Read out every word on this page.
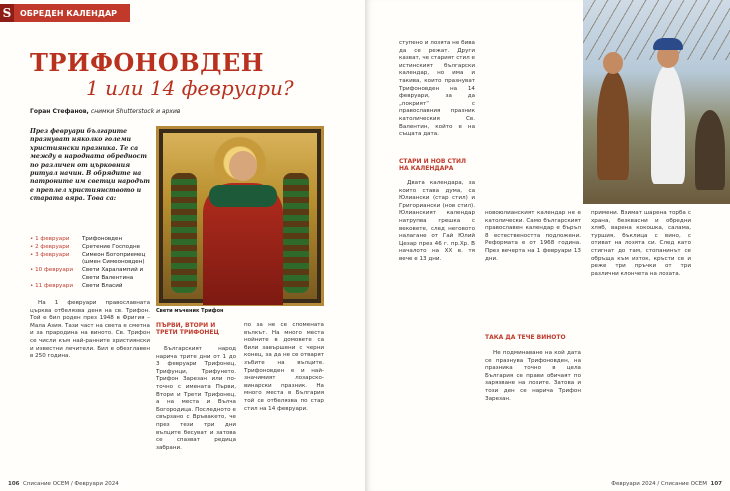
S	ОБРЕДЕН КАЛЕНДАР
ТРИФОНОВДЕН
1 или 14 февруари?
Горан Стефанов, снимки Shutterstock и архив
През февруари българите празнуват няколко големи християнски празника. Те са мeжду в народната обредност по различен от църковния ритуал начин. В обрядите на патроните им светци народът е преплел християнството и старата вяра. Това са:
• 1 февруари	Трифоновден
• 2 февруари	Сретение Господне
• 3 февруари	Симеон Богоприемец (шмен Симеоновден)
• 10 февруари	Свети Харалампий и Свети Валентина
• 11 февруари	Свети Власий
На 1 февруари православната църква отбелязва деня на св. Трифон. Той е бил роден през 1948 в Фригия – Мала Азия. Тази част на света е сметна и за прародина на виното. Св. Трифон се числи към най-ранните християнски и известни лечители. Бил е обезглавен в 250 година.
Свети мъченик Трифон
ПЪРВИ, ВТОРИ И ТРЕТИ ТРИФОНЕЦ
Българският народ нарича трите дни от 1 до 3 февруари Трифонец, Трифунци, Трифунето. Трифон Зарезан или по-точно с имената Първи, Втори и Трети Трифонец, а на места и Вълча Богородица. Последното е свързано с Връвакето, че през тези три дни вълците бесуват и затова се спазват редица забрани.
по за не се спомената вълкът. На много места нойните в домовете са били завършени с черни конец, за да не се отварят зъбите на вълците. Трифоновден е и най-значимият лозарско-винарски празник. На много места в България той се отбелязва по стар стил на 14 февруари.
106 Списание ОСЕМ / Февруари 2024
ступено и лозята не бива да се режат. Други казват, че старият стил е истинският български календар, но има и такива, които празнуват Трифоновден на 14 февруари, за да „покрият“ с православния празник католическия Св. Валентин, който е на същата дата.
СТАРИ И НОВ СТИЛ НА КАЛЕНДАРА
Двата календара, за които става дума, са Юлиански (стар стил) и Григориански (нов стил). Юлианският календар натрупва грешка с вековете, след неговото налагане от Гай Юлий Цезар през 46 г. пр.Хр. В началото на XX в. тя вече е 13 дни.
новоюлианският календар не е католически. Само българският православен календар е бъръл 8 естествеността подложени. Реформата е от 1968 година. През вечерта на 1 февруари 13 дни.
ТАКА ДА ТЕЧЕ ВИНОТО
Не подминаване на кой дата се празнува Трифоновден, на празника точно в цела България се прави обичаят по зарязване на лозите. Затова и този ден се нарича Трифон Зарезан.
примени. Взимат шарена торба с храна, безквасни и обредни хляб, варена кокошка, салама, туршия, бъклица с вино, с отиват на лозята си. След като стигнат до там, стопанинът се обръща към изток, кръсти се и реже три пръчки от три различни клончета на лозата.
Февруари 2024 / Списание ОСЕМ 107
